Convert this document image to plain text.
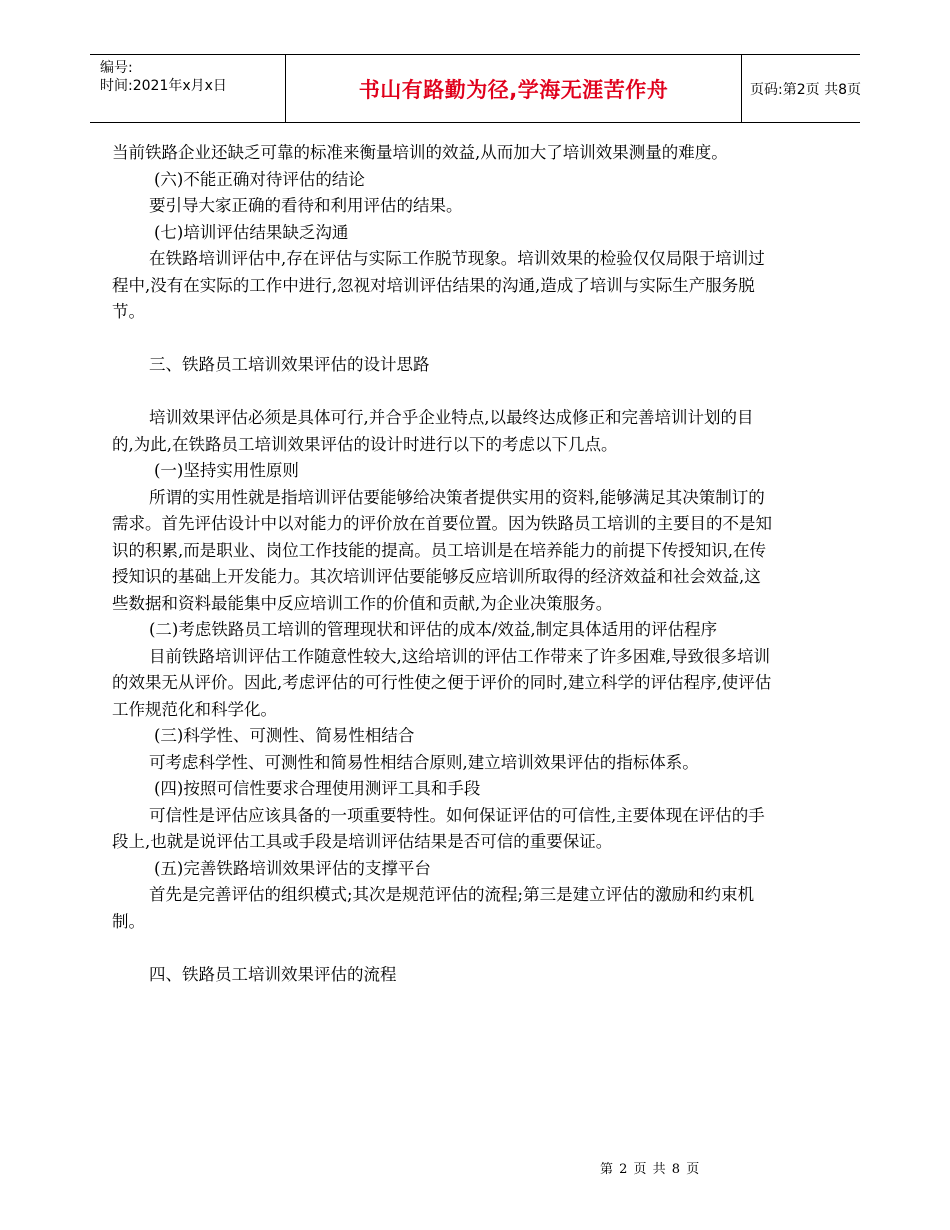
编号:
时间:2021年x月x日	书山有路勤为径,学海无涯苦作舟	页码:第2页 共8页

当前铁路企业还缺乏可靠的标准来衡量培训的效益,从而加大了培训效果测量的难度。

(六)不能正确对待评估的结论

要引导大家正确的看待和利用评估的结果。

(七)培训评估结果缺乏沟通

在铁路培训评估中,存在评估与实际工作脱节现象。培训效果的检验仅仅局限于培训过程中,没有在实际的工作中进行,忽视对培训评估结果的沟通,造成了培训与实际生产服务脱节。

三、铁路员工培训效果评估的设计思路

培训效果评估必须是具体可行,并合乎企业特点,以最终达成修正和完善培训计划的目的,为此,在铁路员工培训效果评估的设计时进行以下的考虑以下几点。

(一)坚持实用性原则

所谓的实用性就是指培训评估要能够给决策者提供实用的资料,能够满足其决策制订的需求。首先评估设计中以对能力的评价放在首要位置。因为铁路员工培训的主要目的不是知识的积累,而是职业、岗位工作技能的提高。员工培训是在培养能力的前提下传授知识,在传授知识的基础上开发能力。其次培训评估要能够反应培训所取得的经济效益和社会效益,这些数据和资料最能集中反应培训工作的价值和贡献,为企业决策服务。

(二)考虑铁路员工培训的管理现状和评估的成本/效益,制定具体适用的评估程序

目前铁路培训评估工作随意性较大,这给培训的评估工作带来了许多困难,导致很多培训的效果无从评价。因此,考虑评估的可行性使之便于评价的同时,建立科学的评估程序,使评估工作规范化和科学化。

(三)科学性、可测性、简易性相结合

可考虑科学性、可测性和简易性相结合原则,建立培训效果评估的指标体系。

(四)按照可信性要求合理使用测评工具和手段

可信性是评估应该具备的一项重要特性。如何保证评估的可信性,主要体现在评估的手段上,也就是说评估工具或手段是培训评估结果是否可信的重要保证。

(五)完善铁路培训效果评估的支撑平台

首先是完善评估的组织模式;其次是规范评估的流程;第三是建立评估的激励和约束机制。

四、铁路员工培训效果评估的流程

第 2 页 共 8 页
